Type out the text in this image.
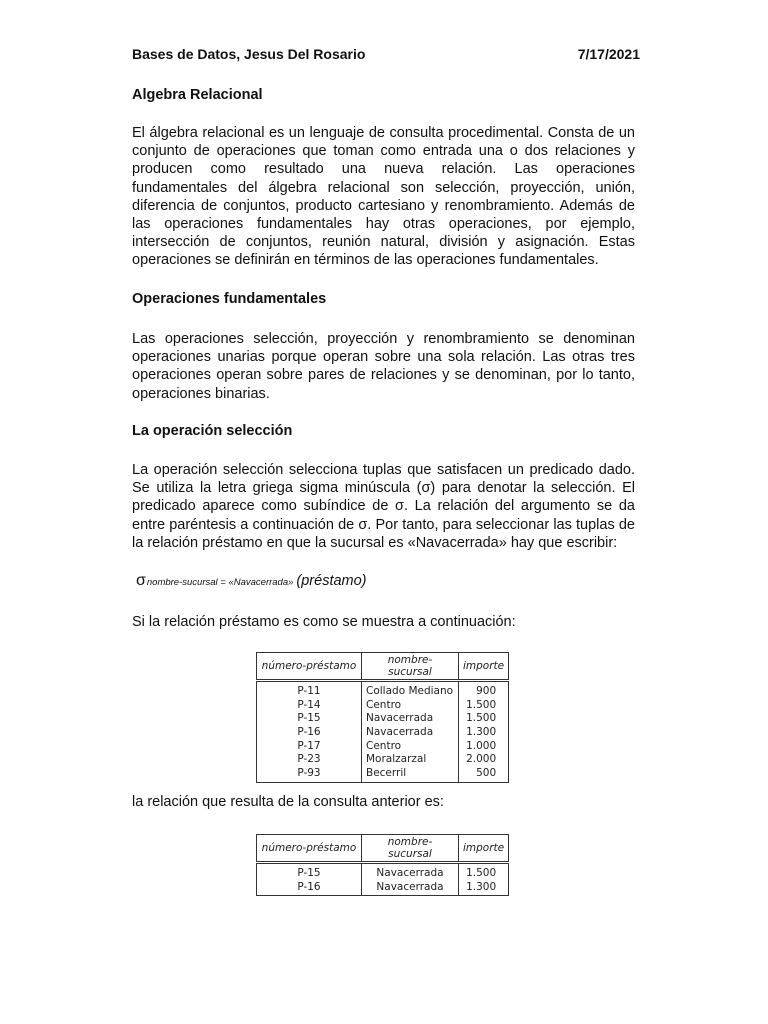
Bases de Datos, Jesus Del Rosario	7/17/2021
Algebra Relacional

El álgebra relacional es un lenguaje de consulta procedimental. Consta de un conjunto de operaciones que toman como entrada una o dos relaciones y producen como resultado una nueva relación. Las operaciones fundamentales del álgebra relacional son selección, proyección, unión, diferencia de conjuntos, producto cartesiano y renombramiento. Además de las operaciones fundamentales hay otras operaciones, por ejemplo, intersección de conjuntos, reunión natural, división y asignación. Estas operaciones se definirán en términos de las operaciones fundamentales.

Operaciones fundamentales

Las operaciones selección, proyección y renombramiento se denominan operaciones unarias porque operan sobre una sola relación. Las otras tres operaciones operan sobre pares de relaciones y se denominan, por lo tanto, operaciones binarias.

La operación selección

La operación selección selecciona tuplas que satisfacen un predicado dado. Se utiliza la letra griega sigma minúscula (σ) para denotar la selección. El predicado aparece como subíndice de σ. La relación del argumento se da entre paréntesis a continuación de σ. Por tanto, para seleccionar las tuplas de la relación préstamo en que la sucursal es «Navacerrada» hay que escribir:

σnombre-sucursal = «Navacerrada» (préstamo)

Si la relación préstamo es como se muestra a continuación:

número-préstamo	nombre-sucursal	importe
P-11	Collado Mediano	900
P-14	Centro	1.500
P-15	Navacerrada	1.500
P-16	Navacerrada	1.300
P-17	Centro	1.000
P-23	Moralzarzal	2.000
P-93	Becerril	500

la relación que resulta de la consulta anterior es:

número-préstamo	nombre-sucursal	importe
P-15	Navacerrada	1.500
P-16	Navacerrada	1.300
